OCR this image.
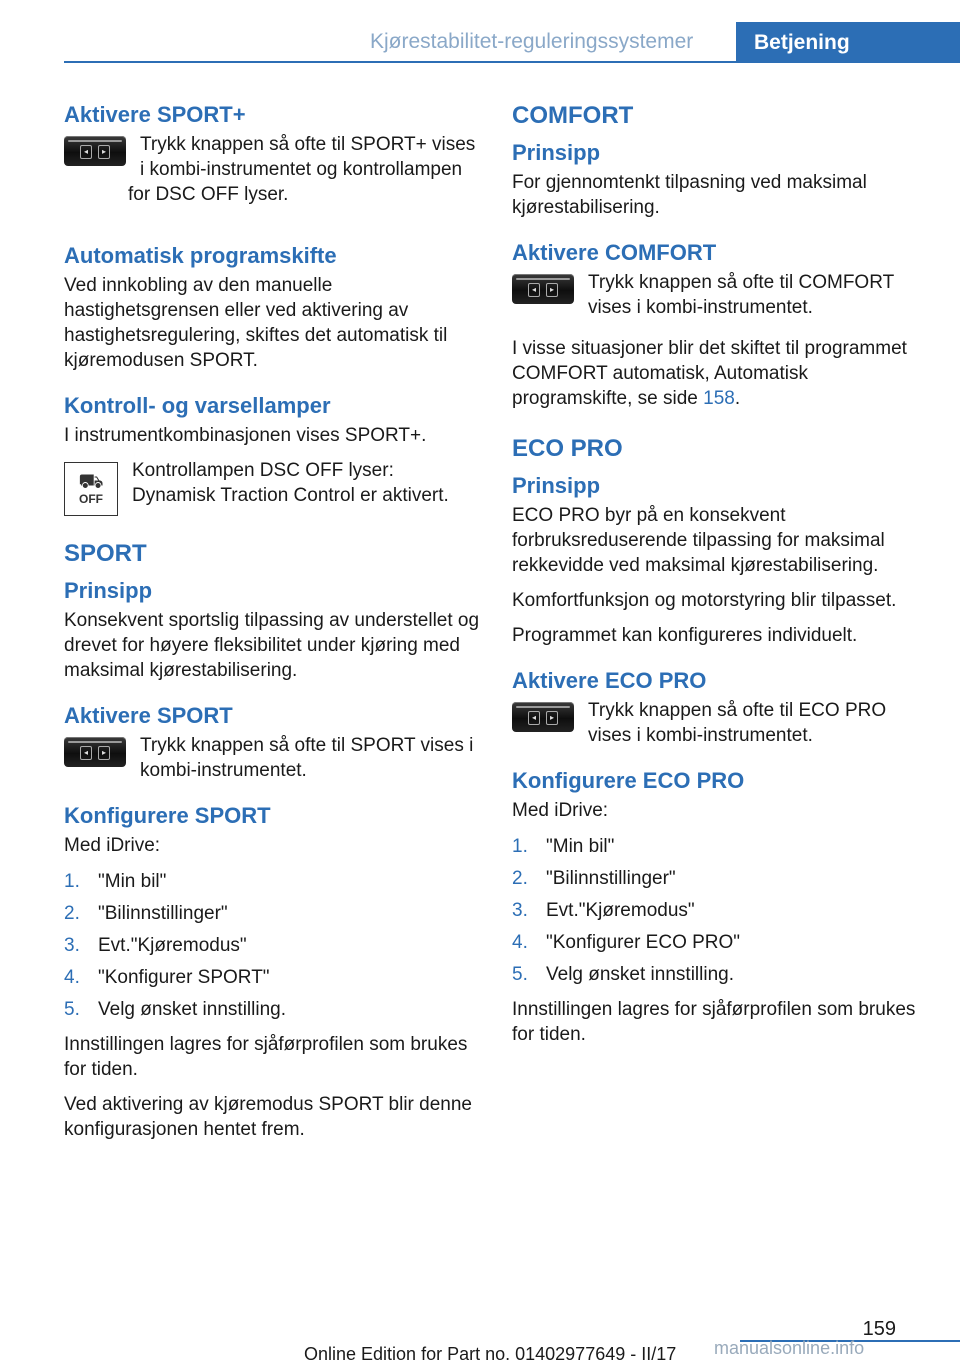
Kjørestabilitet-reguleringssystemer	Betjening
Aktivere SPORT+
◂	▸	Trykk knappen så ofte til SPORT+ vises i kombi-instrumentet og kontrollampen for DSC OFF lyser.

Automatisk programskifte

Ved innkobling av den manuelle hastighetsgrensen eller ved aktivering av hastighetsregulering, skiftes det automatisk til kjøremodusen SPORT.

Kontroll- og varsellamper

I instrumentkombinasjonen vises SPORT+.

⛟
OFF
Kontrollampen DSC OFF lyser: Dynamisk Traction Control er aktivert.
SPORT
Prinsipp

Konsekvent sportslig tilpassing av understellet og drevet for høyere fleksibilitet under kjøring med maksimal kjørestabilisering.

Aktivere SPORT
◂	▸ Trykk knappen så ofte til SPORT vises i kombi-instrumentet.
Konfigurere SPORT

Med iDrive:

1. "Min bil"
2. "Bilinnstillinger"
3. Evt."Kjøremodus"
4. "Konfigurer SPORT"
5. Velg ønsket innstilling.

Innstillingen lagres for sjåførprofilen som brukes for tiden.

Ved aktivering av kjøremodus SPORT blir denne konfigurasjonen hentet frem.

COMFORT
Prinsipp

For gjennomtenkt tilpasning ved maksimal kjørestabilisering.

Aktivere COMFORT
◂	▸ Trykk knappen så ofte til COMFORT vises i kombi-instrumentet.

I visse situasjoner blir det skiftet til programmet COMFORT automatisk, Automatisk programskifte, se side 158.

ECO PRO
Prinsipp

ECO PRO byr på en konsekvent forbruksreduserende tilpassing for maksimal rekkevidde ved maksimal kjørestabilisering.

Komfortfunksjon og motorstyring blir tilpasset.

Programmet kan konfigureres individuelt.

Aktivere ECO PRO
◂	▸ Trykk knappen så ofte til ECO PRO vises i kombi-instrumentet.
Konfigurere ECO PRO

Med iDrive:

1. "Min bil"
2. "Bilinnstillinger"
3. Evt."Kjøremodus"
4. "Konfigurer ECO PRO"
5. Velg ønsket innstilling.

Innstillingen lagres for sjåførprofilen som brukes for tiden.

159
Online Edition for Part no. 01402977649 - II/17 manualsonline.info
